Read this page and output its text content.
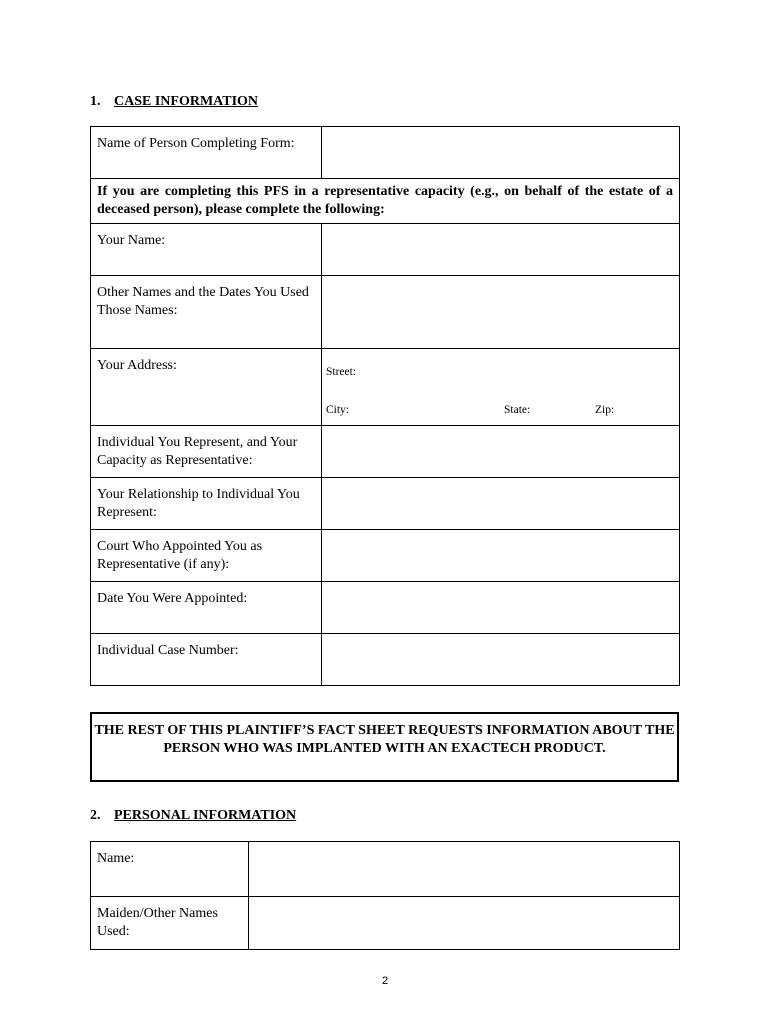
1. CASE INFORMATION
Name of Person Completing Form:	
If you are completing this PFS in a representative capacity (e.g., on behalf of the estate of a deceased person), please complete the following:	
Your Name:	
Other Names and the Dates You Used Those Names:	
Your Address:	Street:
City: State: Zip:

Individual You Represent, and Your Capacity as Representative:	
Your Relationship to Individual You Represent:	
Court Who Appointed You as Representative (if any):	
Date You Were Appointed:	
Individual Case Number:	
THE REST OF THIS PLAINTIFF’S FACT SHEET REQUESTS INFORMATION ABOUT THE PERSON WHO WAS IMPLANTED WITH AN EXACTECH PRODUCT.
2. PERSONAL INFORMATION
Name:	
Maiden/Other Names Used:	
2
